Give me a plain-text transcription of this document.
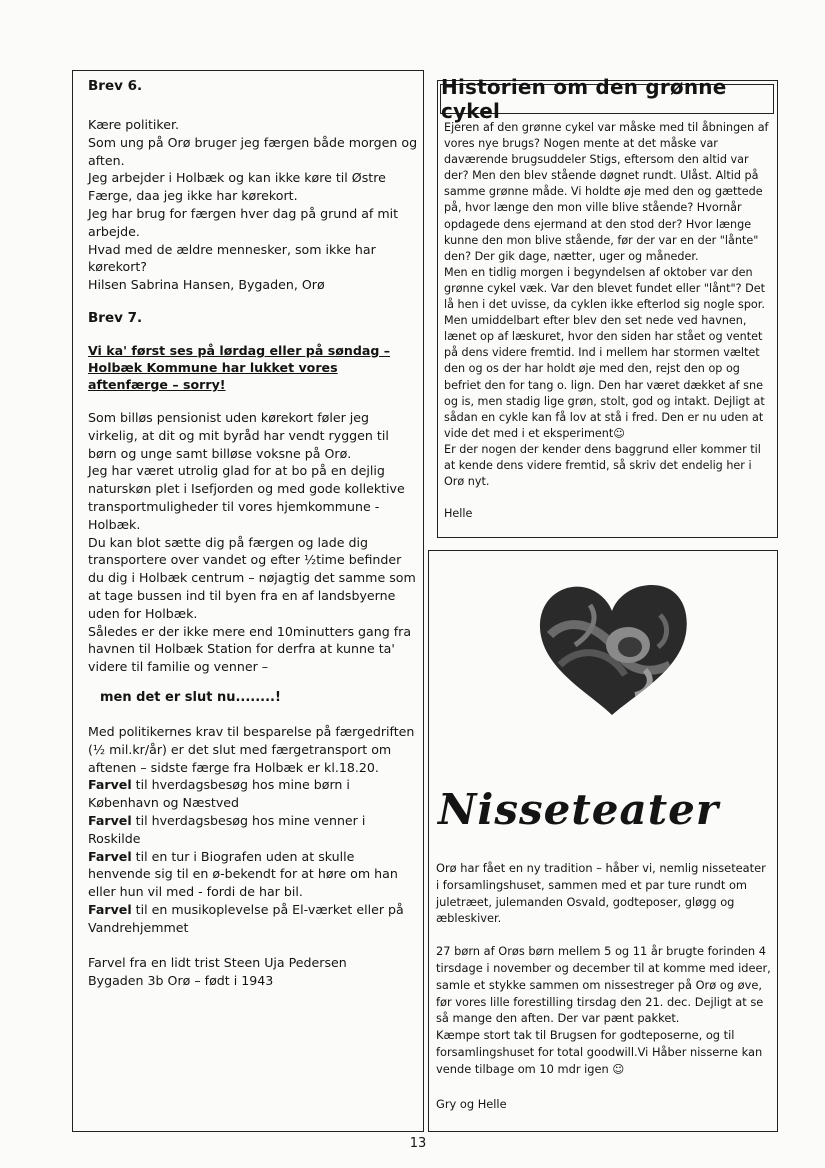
Brev 6.

Kære politiker.

Som ung på Orø bruger jeg færgen både morgen og aften.

Jeg arbejder i Holbæk og kan ikke køre til Østre Færge, daa jeg ikke har kørekort.

Jeg har brug for færgen hver dag på grund af mit arbejde.

Hvad med de ældre mennesker, som ikke har kørekort?

Hilsen Sabrina Hansen, Bygaden, Orø

Brev 7.
Vi ka' først ses på lørdag eller på søndag – Holbæk Kommune har lukket vores aftenfærge – sorry!

Som billøs pensionist uden kørekort føler jeg virkelig, at dit og mit byråd har vendt ryggen til børn og unge samt billøse voksne på Orø.

Jeg har været utrolig glad for at bo på en dejlig naturskøn plet i Isefjorden og med gode kollektive transportmuligheder til vores hjemkommune - Holbæk.

Du kan blot sætte dig på færgen og lade dig transportere over vandet og efter ½time befinder du dig i Holbæk centrum – nøjagtig det samme som at tage bussen ind til byen fra en af landsbyerne uden for Holbæk.

Således er der ikke mere end 10minutters gang fra havnen til Holbæk Station for derfra at kunne ta' videre til familie og venner –

men det er slut nu........!

Med politikernes krav til besparelse på færgedriften (½ mil.kr/år) er det slut med færgetransport om aftenen – sidste færge fra Holbæk er kl.18.20.

Farvel til hverdagsbesøg hos mine børn i København og Næstved

Farvel til hverdagsbesøg hos mine venner i Roskilde

Farvel til en tur i Biografen uden at skulle henvende sig til en ø-bekendt for at høre om han eller hun vil med - fordi de har bil.

Farvel til en musikoplevelse på El-værket eller på Vandrehjemmet

Farvel fra en lidt trist Steen Uja Pedersen

Bygaden 3b Orø – født i 1943

Historien om den grønne cykel

Ejeren af den grønne cykel var måske med til åbningen af vores nye brugs? Nogen mente at det måske var daværende brugsuddeler Stigs, eftersom den altid var der? Men den blev stående døgnet rundt. Ulåst. Altid på samme grønne måde. Vi holdte øje med den og gættede på, hvor længe den mon ville blive stående? Hvornår opdagede dens ejermand at den stod der? Hvor længe kunne den mon blive stående, før der var en der "lånte" den? Der gik dage, nætter, uger og måneder.

Men en tidlig morgen i begyndelsen af oktober var den grønne cykel væk. Var den blevet fundet eller "lånt"? Det lå hen i det uvisse, da cyklen ikke efterlod sig nogle spor. Men umiddelbart efter blev den set nede ved havnen, lænet op af læskuret, hvor den siden har stået og ventet på dens videre fremtid. Ind i mellem har stormen væltet den og os der har holdt øje med den, rejst den op og befriet den for tang o. lign. Den har været dækket af sne og is, men stadig lige grøn, stolt, god og intakt. Dejligt at sådan en cykle kan få lov at stå i fred. Den er nu uden at vide det med i et eksperiment☺

Er der nogen der kender dens baggrund eller kommer til at kende dens videre fremtid, så skriv det endelig her i Orø nyt.

Helle

Nisseteater

Orø har fået en ny tradition – håber vi, nemlig nisseteater i forsamlingshuset, sammen med et par ture rundt om juletræet, julemanden Osvald, godteposer, gløgg og æbleskiver.

27 børn af Orøs børn mellem 5 og 11 år brugte forinden 4 tirsdage i november og december til at komme med ideer, samle et stykke sammen om nissestreger på Orø og øve, før vores lille forestilling tirsdag den 21. dec. Dejligt at se så mange den aften. Der var pænt pakket.

Kæmpe stort tak til Brugsen for godteposerne, og til forsamlingshuset for total goodwill.Vi Håber nisserne kan vende tilbage om 10 mdr igen ☺

Gry og Helle

13
